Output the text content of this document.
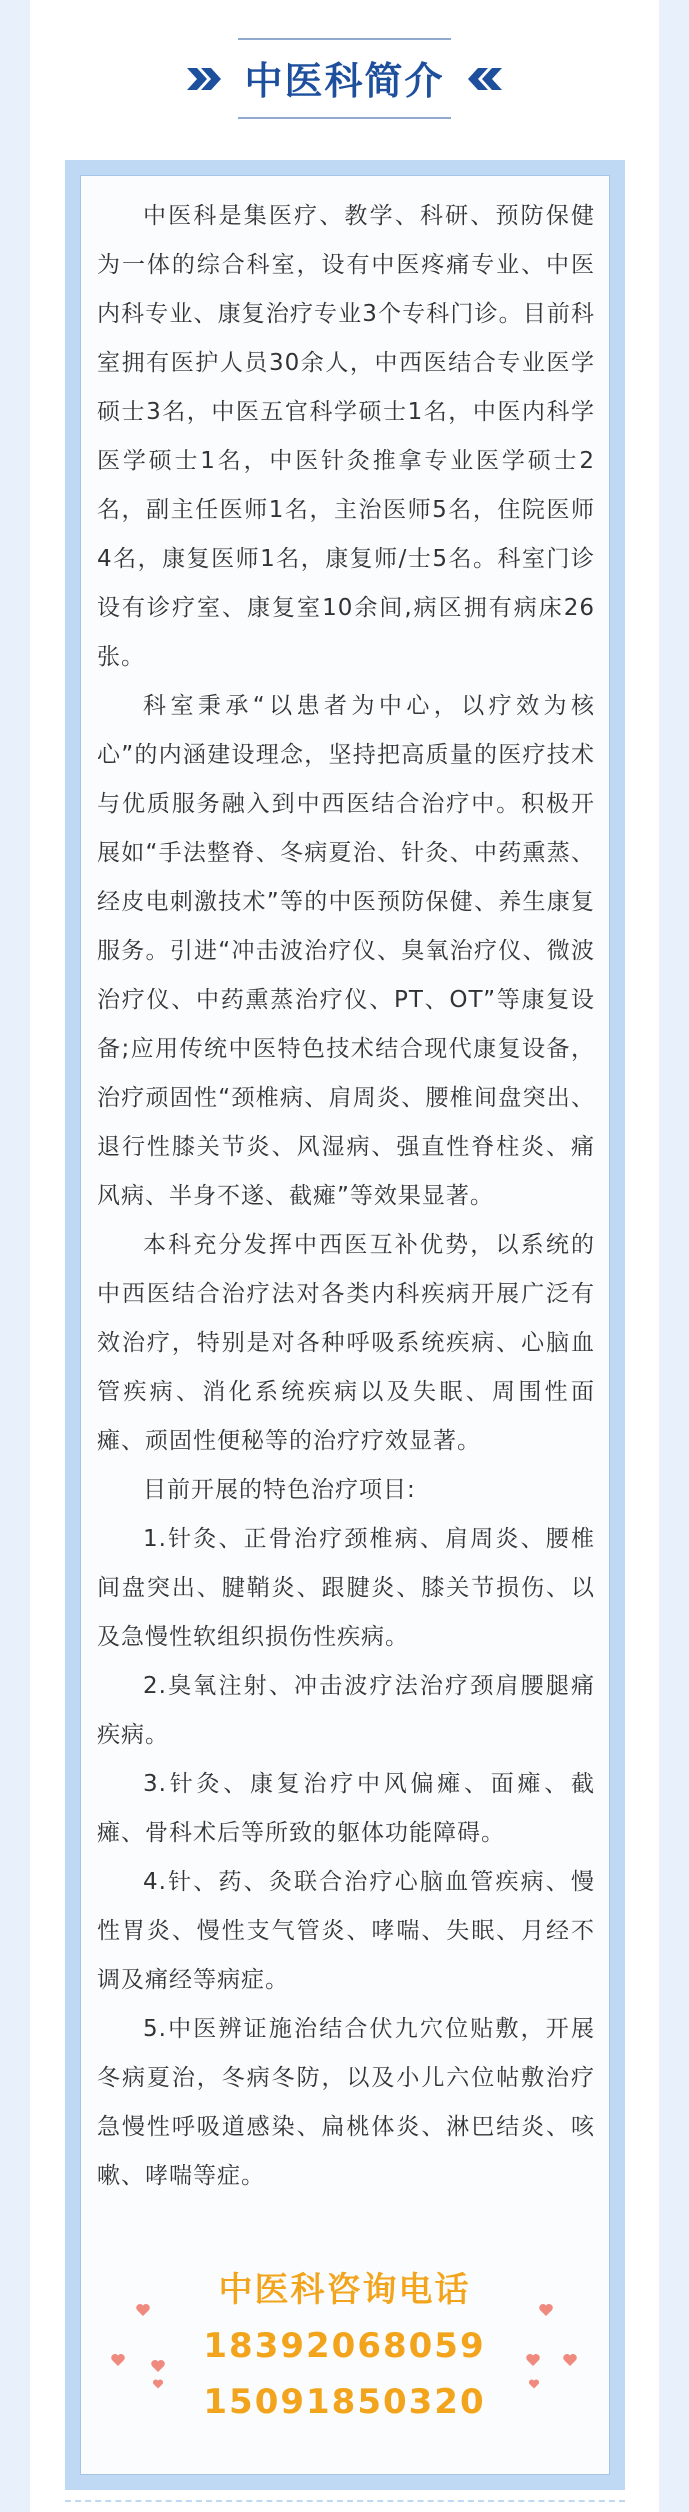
中医科简介

中医科是集医疗、教学、科研、预防保健为一体的综合科室，设有中医疼痛专业、中医内科专业、康复治疗专业3个专科门诊。目前科室拥有医护人员30余人，中西医结合专业医学硕士3名，中医五官科学硕士1名，中医内科学医学硕士1名，中医针灸推拿专业医学硕士2名，副主任医师1名，主治医师5名，住院医师4名，康复医师1名，康复师/士5名。科室门诊设有诊疗室、康复室10余间,病区拥有病床26张。

科室秉承“以患者为中心，以疗效为核心”的内涵建设理念，坚持把高质量的医疗技术与优质服务融入到中西医结合治疗中。积极开展如“手法整脊、冬病夏治、针灸、中药熏蒸、经皮电刺激技术”等的中医预防保健、养生康复服务。引进“冲击波治疗仪、臭氧治疗仪、微波治疗仪、中药熏蒸治疗仪、PT、OT”等康复设备;应用传统中医特色技术结合现代康复设备，治疗顽固性“颈椎病、肩周炎、腰椎间盘突出、退行性膝关节炎、风湿病、强直性脊柱炎、痛风病、半身不遂、截瘫”等效果显著。

本科充分发挥中西医互补优势，以系统的中西医结合治疗法对各类内科疾病开展广泛有效治疗，特别是对各种呼吸系统疾病、心脑血管疾病、消化系统疾病以及失眠、周围性面瘫、顽固性便秘等的治疗疗效显著。

目前开展的特色治疗项目:

1.针灸、正骨治疗颈椎病、肩周炎、腰椎间盘突出、腱鞘炎、跟腱炎、膝关节损伤、以及急慢性软组织损伤性疾病。

2.臭氧注射、冲击波疗法治疗颈肩腰腿痛疾病。

3.针灸、康复治疗中风偏瘫、面瘫、截瘫、骨科术后等所致的躯体功能障碍。

4.针、药、灸联合治疗心脑血管疾病、慢性胃炎、慢性支气管炎、哮喘、失眠、月经不调及痛经等病症。

5.中医辨证施治结合伏九穴位贴敷，开展冬病夏治，冬病冬防，以及小儿六位帖敷治疗急慢性呼吸道感染、扁桃体炎、淋巴结炎、咳嗽、哮喘等症。

中医科咨询电话
18392068059
15091850320
